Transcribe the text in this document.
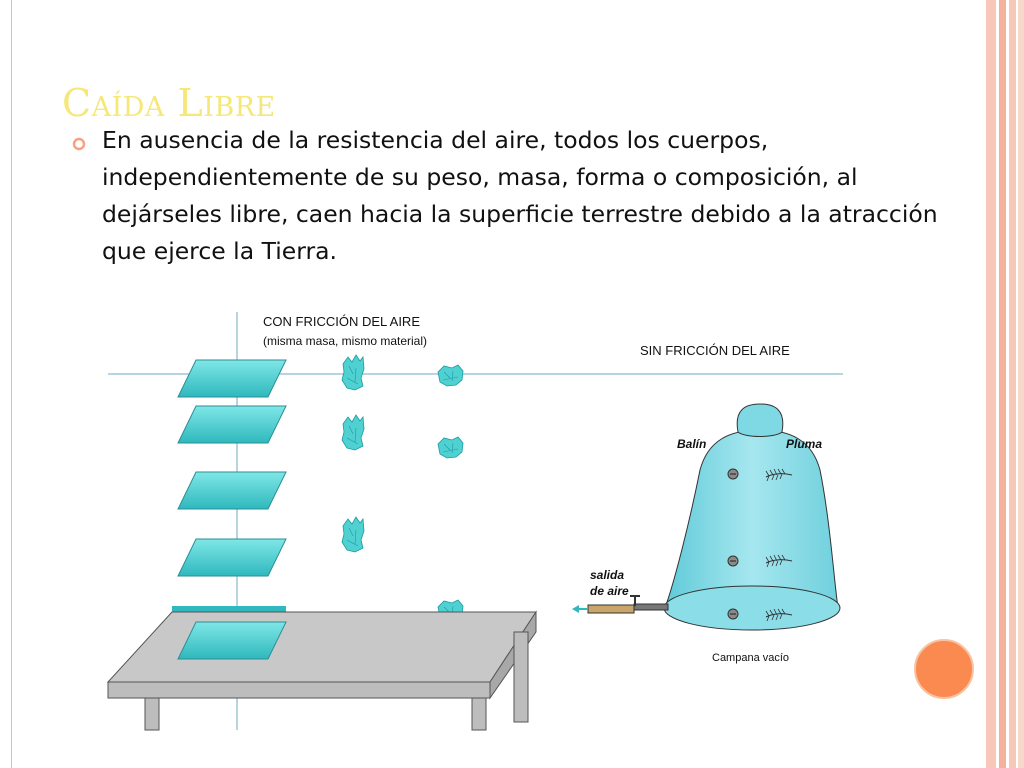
Caída Libre

En ausencia de la resistencia del aire, todos los cuerpos, independientemente de su peso, masa, forma o composición, al dejárseles libre, caen hacia la superficie terrestre debido a la atracción que ejerce la Tierra.

CON FRICCIÓN DEL AIRE
(misma masa, mismo material)
SIN FRICCIÓN DEL AIRE
Balín	Pluma
Campana vacío
salida
de aire
